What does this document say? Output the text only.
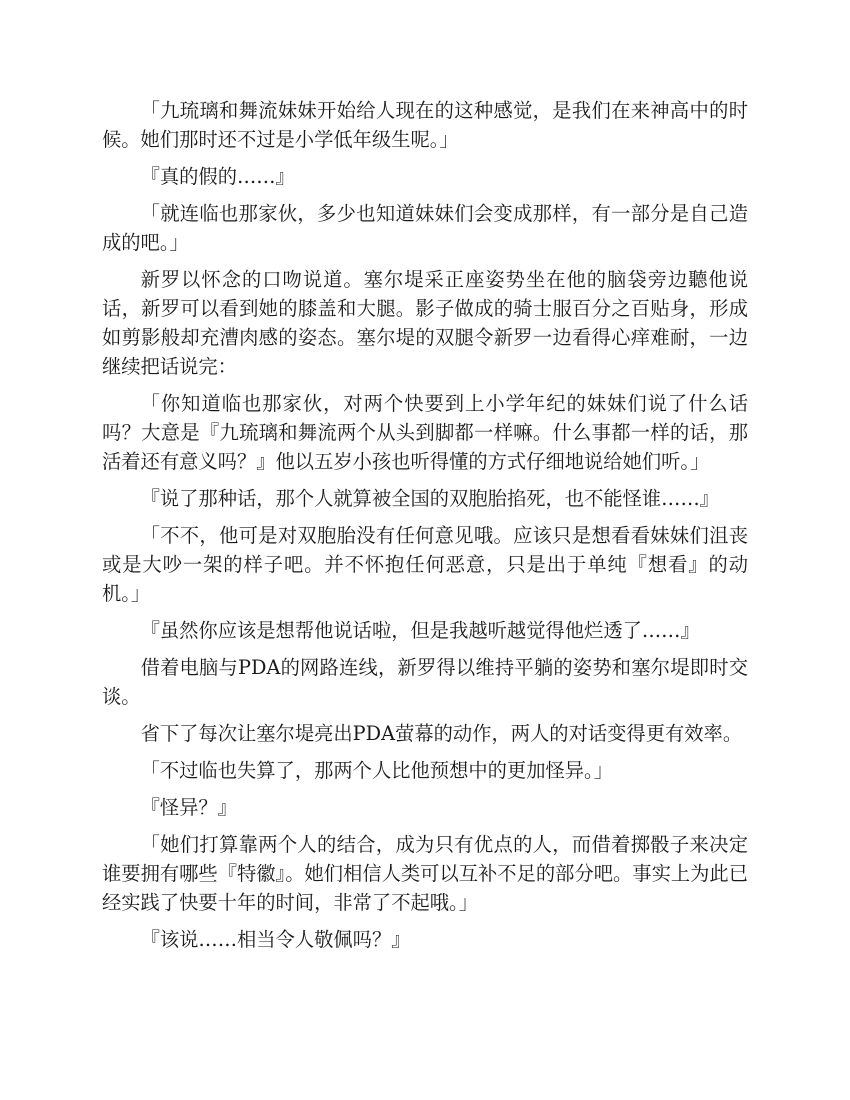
「九琉璃和舞流妹妹开始给人现在的这种感觉，是我们在来神高中的时候。她们那时还不过是小学低年级生呢。」

『真的假的……』

「就连临也那家伙，多少也知道妹妹们会变成那样，有一部分是自己造成的吧。」

新罗以怀念的口吻说道。塞尔堤采正座姿势坐在他的脑袋旁边聽他说话，新罗可以看到她的膝盖和大腿。影子做成的骑士服百分之百贴身，形成如剪影般却充漕肉感的姿态。塞尔堤的双腿令新罗一边看得心痒难耐，一边继续把话说完：

「你知道临也那家伙，对两个快要到上小学年纪的妹妹们说了什么话吗？大意是『九琉璃和舞流两个从头到脚都一样嘛。什么事都一样的话，那活着还有意义吗？』他以五岁小孩也听得懂的方式仔细地说给她们听。」

『说了那种话，那个人就算被全国的双胞胎掐死，也不能怪谁……』

「不不，他可是对双胞胎没有任何意见哦。应该只是想看看妹妹们沮丧或是大吵一架的样子吧。并不怀抱任何恶意，只是出于单纯『想看』的动机。」

『虽然你应该是想帮他说话啦，但是我越听越觉得他烂透了……』

借着电脑与PDA的网路连线，新罗得以维持平躺的姿势和塞尔堤即时交谈。

省下了每次让塞尔堤亮出PDA萤幕的动作，两人的对话变得更有效率。

「不过临也失算了，那两个人比他预想中的更加怪异。」

『怪异？』

「她们打算靠两个人的结合，成为只有优点的人，而借着掷骰子来决定谁要拥有哪些『特徽』。她们相信人类可以互补不足的部分吧。事实上为此已经实践了快要十年的时间，非常了不起哦。」

『该说……相当令人敬佩吗？』
